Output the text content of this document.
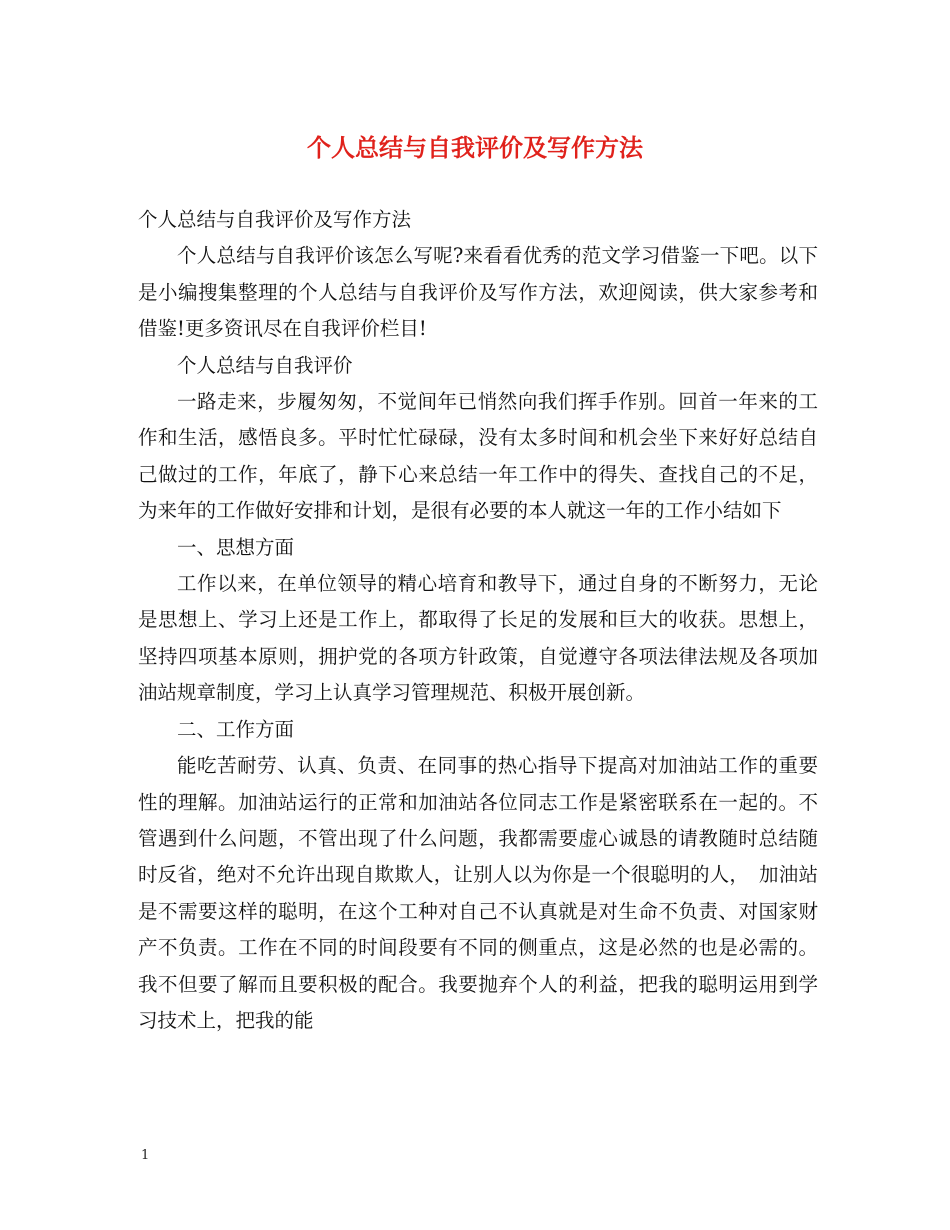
个人总结与自我评价及写作方法

个人总结与自我评价及写作方法

个人总结与自我评价该怎么写呢?来看看优秀的范文学习借鉴一下吧。以下是小编搜集整理的个人总结与自我评价及写作方法，欢迎阅读，供大家参考和借鉴!更多资讯尽在自我评价栏目!

个人总结与自我评价

一路走来，步履匆匆，不觉间年已悄然向我们挥手作别。回首一年来的工作和生活，感悟良多。平时忙忙碌碌，没有太多时间和机会坐下来好好总结自己做过的工作，年底了，静下心来总结一年工作中的得失、查找自己的不足，为来年的工作做好安排和计划，是很有必要的本人就这一年的工作小结如下

一、思想方面

工作以来，在单位领导的精心培育和教导下，通过自身的不断努力，无论是思想上、学习上还是工作上，都取得了长足的发展和巨大的收获。思想上，坚持四项基本原则，拥护党的各项方针政策，自觉遵守各项法律法规及各项加油站规章制度，学习上认真学习管理规范、积极开展创新。

二、工作方面

能吃苦耐劳、认真、负责、在同事的热心指导下提高对加油站工作的重要性的理解。加油站运行的正常和加油站各位同志工作是紧密联系在一起的。不管遇到什么问题，不管出现了什么问题，我都需要虚心诚恳的请教随时总结随时反省，绝对不允许出现自欺欺人，让别人以为你是一个很聪明的人，　加油站是不需要这样的聪明，在这个工种对自己不认真就是对生命不负责、对国家财产不负责。工作在不同的时间段要有不同的侧重点，这是必然的也是必需的。我不但要了解而且要积极的配合。我要抛弃个人的利益，把我的聪明运用到学习技术上，把我的能

1
